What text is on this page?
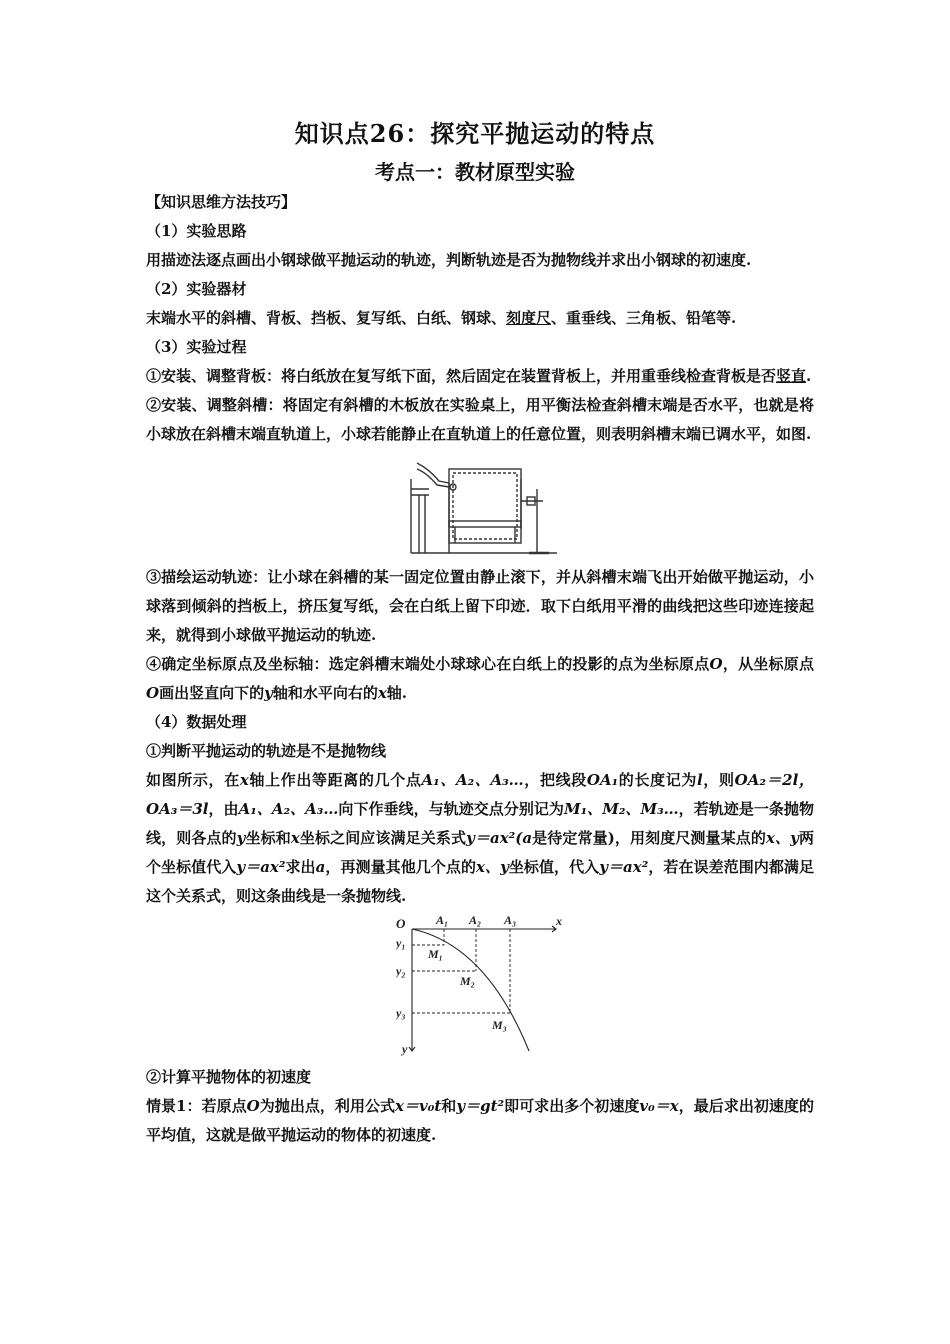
知识点26：探究平抛运动的特点
考点一：教材原型实验

【知识思维方法技巧】

（1）实验思路

用描迹法逐点画出小钢球做平抛运动的轨迹，判断轨迹是否为抛物线并求出小钢球的初速度.

（2）实验器材

末端水平的斜槽、背板、挡板、复写纸、白纸、钢球、刻度尺、重垂线、三角板、铅笔等.

（3）实验过程

①安装、调整背板：将白纸放在复写纸下面，然后固定在装置背板上，并用重垂线检查背板是否竖直.

②安装、调整斜槽：将固定有斜槽的木板放在实验桌上，用平衡法检查斜槽末端是否水平，也就是将小球放在斜槽末端直轨道上，小球若能静止在直轨道上的任意位置，则表明斜槽末端已调水平，如图.

③描绘运动轨迹：让小球在斜槽的某一固定位置由静止滚下，并从斜槽末端飞出开始做平抛运动，小球落到倾斜的挡板上，挤压复写纸，会在白纸上留下印迹．取下白纸用平滑的曲线把这些印迹连接起来，就得到小球做平抛运动的轨迹.

④确定坐标原点及坐标轴：选定斜槽末端处小球球心在白纸上的投影的点为坐标原点O，从坐标原点O画出竖直向下的y轴和水平向右的x轴.

（4）数据处理

①判断平抛运动的轨迹是不是抛物线

如图所示，在x轴上作出等距离的几个点A₁、A₂、A₃…，把线段OA₁的长度记为l，则OA₂＝2l，OA₃＝3l，由A₁、A₂、A₃…向下作垂线，与轨迹交点分别记为M₁、M₂、M₃…，若轨迹是一条抛物线，则各点的y坐标和x坐标之间应该满足关系式y＝ax²(a是待定常量)，用刻度尺测量某点的x、y两个坐标值代入y＝ax²求出a，再测量其他几个点的x、y坐标值，代入y＝ax²，若在误差范围内都满足这个关系式，则这条曲线是一条抛物线.

O	x
y
A₁ A₂ A₃
y₁
y₂
y₃
M₁
M₂
M₃

②计算平抛物体的初速度

情景1：若原点O为抛出点，利用公式x＝v₀t和y＝gt²即可求出多个初速度v₀＝x，最后求出初速度的平均值，这就是做平抛运动的物体的初速度.
